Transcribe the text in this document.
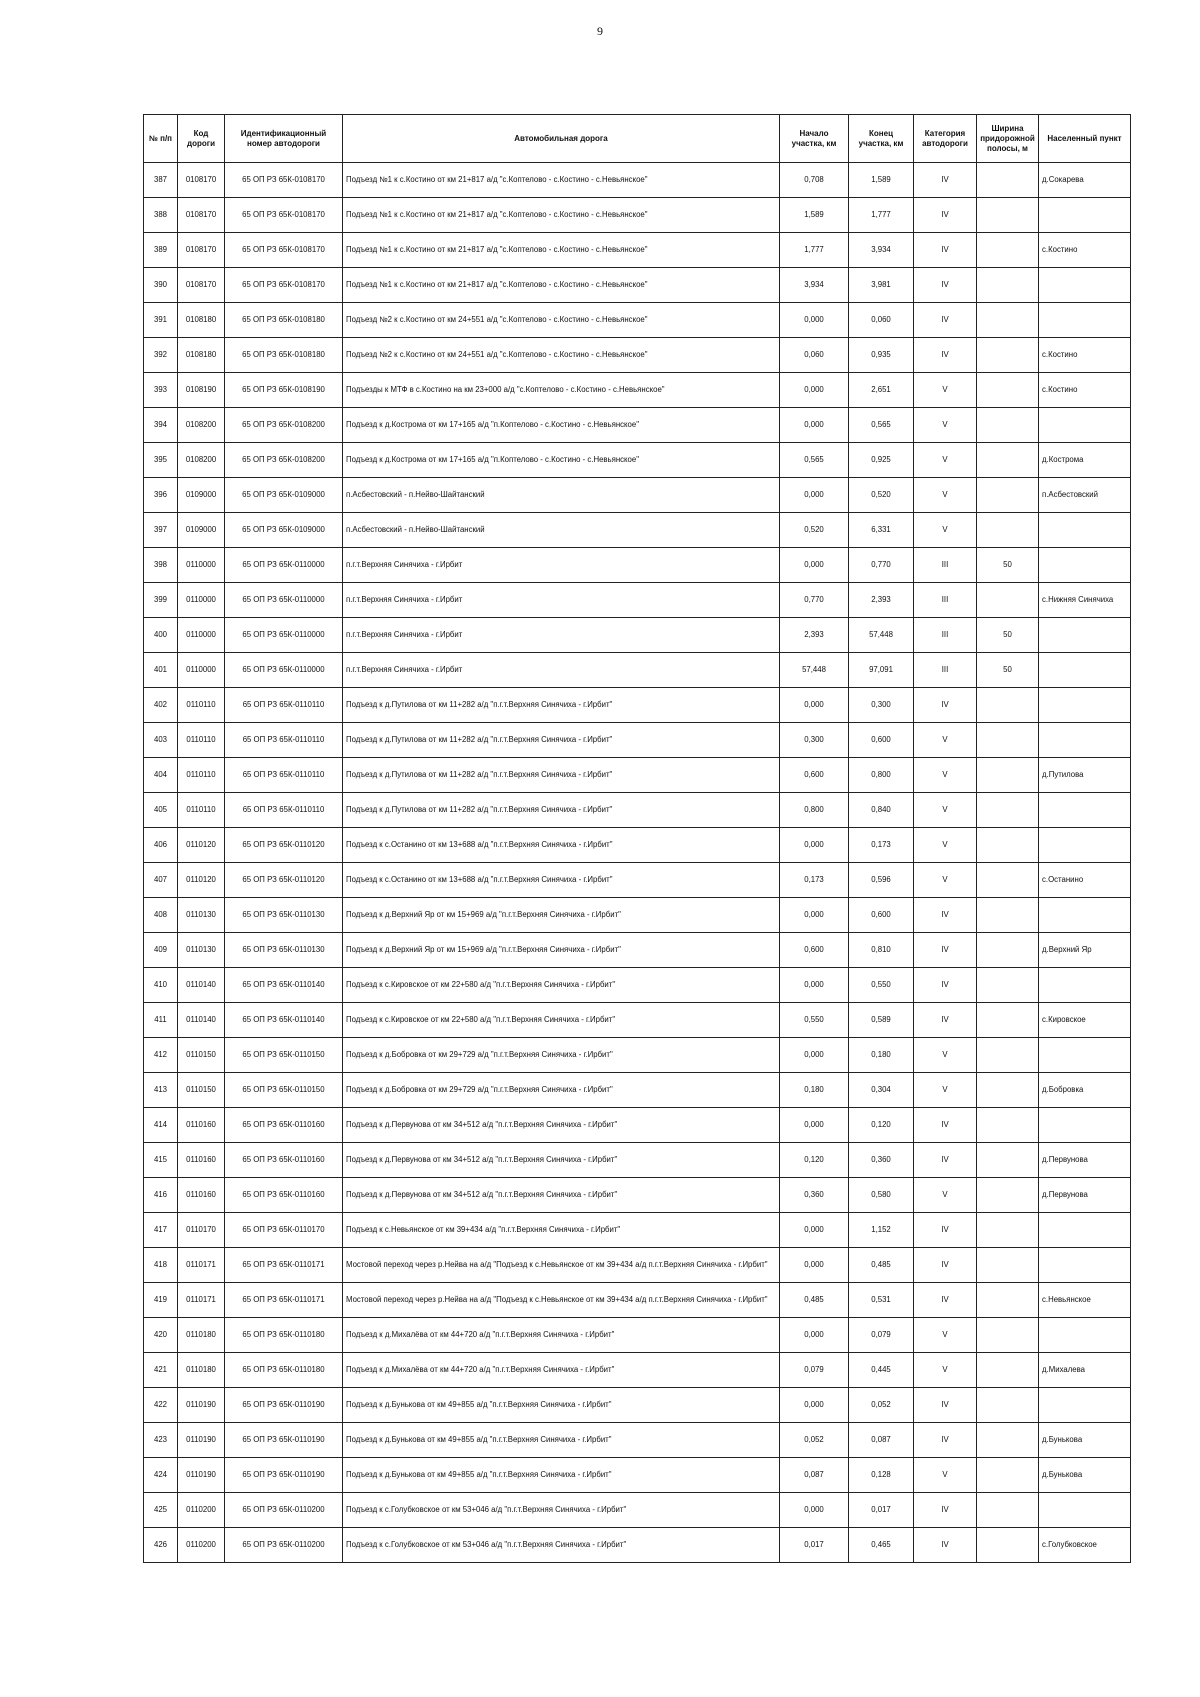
9
№ п/п	Код дороги	Идентификационный номер автодороги	Автомобильная дорога	Начало участка, км	Конец участка, км	Категория автодороги	Ширина придорожной полосы, м	Населенный пункт
387	0108170	65 ОП РЗ 65К-0108170	Подъезд №1 к с.Костино от км 21+817 а/д "с.Коптелово - с.Костино - с.Невьянское"	0,708	1,589	IV		д.Сокарева
388	0108170	65 ОП РЗ 65К-0108170	Подъезд №1 к с.Костино от км 21+817 а/д "с.Коптелово - с.Костино - с.Невьянское"	1,589	1,777	IV		
389	0108170	65 ОП РЗ 65К-0108170	Подъезд №1 к с.Костино от км 21+817 а/д "с.Коптелово - с.Костино - с.Невьянское"	1,777	3,934	IV		с.Костино
390	0108170	65 ОП РЗ 65К-0108170	Подъезд №1 к с.Костино от км 21+817 а/д "с.Коптелово - с.Костино - с.Невьянское"	3,934	3,981	IV		
391	0108180	65 ОП РЗ 65К-0108180	Подъезд №2 к с.Костино от км 24+551 а/д "с.Коптелово - с.Костино - с.Невьянское"	0,000	0,060	IV		
392	0108180	65 ОП РЗ 65К-0108180	Подъезд №2 к с.Костино от км 24+551 а/д "с.Коптелово - с.Костино - с.Невьянское"	0,060	0,935	IV		с.Костино
393	0108190	65 ОП РЗ 65К-0108190	Подъезды к МТФ в с.Костино на км 23+000 а/д "с.Коптелово - с.Костино - с.Невьянское"	0,000	2,651	V		с.Костино
394	0108200	65 ОП РЗ 65К-0108200	Подъезд к д.Кострома от км 17+165 а/д "п.Коптелово - с.Костино - с.Невьянское"	0,000	0,565	V		
395	0108200	65 ОП РЗ 65К-0108200	Подъезд к д.Кострома от км 17+165 а/д "п.Коптелово - с.Костино - с.Невьянское"	0,565	0,925	V		д.Кострома
396	0109000	65 ОП РЗ 65К-0109000	п.Асбестовский - п.Нейво-Шайтанский	0,000	0,520	V		п.Асбестовский
397	0109000	65 ОП РЗ 65К-0109000	п.Асбестовский - п.Нейво-Шайтанский	0,520	6,331	V		
398	0110000	65 ОП РЗ 65К-0110000	п.г.т.Верхняя Синячиха - г.Ирбит	0,000	0,770	III	50	
399	0110000	65 ОП РЗ 65К-0110000	п.г.т.Верхняя Синячиха - г.Ирбит	0,770	2,393	III		с.Нижняя Синячиха
400	0110000	65 ОП РЗ 65К-0110000	п.г.т.Верхняя Синячиха - г.Ирбит	2,393	57,448	III	50	
401	0110000	65 ОП РЗ 65К-0110000	п.г.т.Верхняя Синячиха - г.Ирбит	57,448	97,091	III	50	
402	0110110	65 ОП РЗ 65К-0110110	Подъезд к д.Путилова от км 11+282 а/д "п.г.т.Верхняя Синячиха - г.Ирбит"	0,000	0,300	IV		
403	0110110	65 ОП РЗ 65К-0110110	Подъезд к д.Путилова от км 11+282 а/д "п.г.т.Верхняя Синячиха - г.Ирбит"	0,300	0,600	V		
404	0110110	65 ОП РЗ 65К-0110110	Подъезд к д.Путилова от км 11+282 а/д "п.г.т.Верхняя Синячиха - г.Ирбит"	0,600	0,800	V		д.Путилова
405	0110110	65 ОП РЗ 65К-0110110	Подъезд к д.Путилова от км 11+282 а/д "п.г.т.Верхняя Синячиха - г.Ирбит"	0,800	0,840	V		
406	0110120	65 ОП РЗ 65К-0110120	Подъезд к с.Останино от км 13+688 а/д "п.г.т.Верхняя Синячиха - г.Ирбит"	0,000	0,173	V		
407	0110120	65 ОП РЗ 65К-0110120	Подъезд к с.Останино от км 13+688 а/д "п.г.т.Верхняя Синячиха - г.Ирбит"	0,173	0,596	V		с.Останино
408	0110130	65 ОП РЗ 65К-0110130	Подъезд к д.Верхний Яр от км 15+969 а/д "п.г.т.Верхняя Синячиха - г.Ирбит"	0,000	0,600	IV		
409	0110130	65 ОП РЗ 65К-0110130	Подъезд к д.Верхний Яр от км 15+969 а/д "п.г.т.Верхняя Синячиха - г.Ирбит"	0,600	0,810	IV		д.Верхний Яр
410	0110140	65 ОП РЗ 65К-0110140	Подъезд к с.Кировское от км 22+580 а/д "п.г.т.Верхняя Синячиха - г.Ирбит"	0,000	0,550	IV		
411	0110140	65 ОП РЗ 65К-0110140	Подъезд к с.Кировское от км 22+580 а/д "п.г.т.Верхняя Синячиха - г.Ирбит"	0,550	0,589	IV		с.Кировское
412	0110150	65 ОП РЗ 65К-0110150	Подъезд к д.Бобровка от км 29+729 а/д "п.г.т.Верхняя Синячиха - г.Ирбит"	0,000	0,180	V		
413	0110150	65 ОП РЗ 65К-0110150	Подъезд к д.Бобровка от км 29+729 а/д "п.г.т.Верхняя Синячиха - г.Ирбит"	0,180	0,304	V		д.Бобровка
414	0110160	65 ОП РЗ 65К-0110160	Подъезд к д.Первунова от км 34+512 а/д "п.г.т.Верхняя Синячиха - г.Ирбит"	0,000	0,120	IV		
415	0110160	65 ОП РЗ 65К-0110160	Подъезд к д.Первунова от км 34+512 а/д "п.г.т.Верхняя Синячиха - г.Ирбит"	0,120	0,360	IV		д.Первунова
416	0110160	65 ОП РЗ 65К-0110160	Подъезд к д.Первунова от км 34+512 а/д "п.г.т.Верхняя Синячиха - г.Ирбит"	0,360	0,580	V		д.Первунова
417	0110170	65 ОП РЗ 65К-0110170	Подъезд к с.Невьянское от км 39+434 а/д "п.г.т.Верхняя Синячиха - г.Ирбит"	0,000	1,152	IV		
418	0110171	65 ОП РЗ 65К-0110171	Мостовой переход через р.Нейва на а/д "Подъезд к с.Невьянское от км 39+434 а/д п.г.т.Верхняя Синячиха - г.Ирбит"	0,000	0,485	IV		
419	0110171	65 ОП РЗ 65К-0110171	Мостовой переход через р.Нейва на а/д "Подъезд к с.Невьянское от км 39+434 а/д п.г.т.Верхняя Синячиха - г.Ирбит"	0,485	0,531	IV		с.Невьянское
420	0110180	65 ОП РЗ 65К-0110180	Подъезд к д.Михалёва от км 44+720 а/д "п.г.т.Верхняя Синячиха - г.Ирбит"	0,000	0,079	V		
421	0110180	65 ОП РЗ 65К-0110180	Подъезд к д.Михалёва от км 44+720 а/д "п.г.т.Верхняя Синячиха - г.Ирбит"	0,079	0,445	V		д.Михалева
422	0110190	65 ОП РЗ 65К-0110190	Подъезд к д.Бунькова от км 49+855 а/д "п.г.т.Верхняя Синячиха - г.Ирбит"	0,000	0,052	IV		
423	0110190	65 ОП РЗ 65К-0110190	Подъезд к д.Бунькова от км 49+855 а/д "п.г.т.Верхняя Синячиха - г.Ирбит"	0,052	0,087	IV		д.Бунькова
424	0110190	65 ОП РЗ 65К-0110190	Подъезд к д.Бунькова от км 49+855 а/д "п.г.т.Верхняя Синячиха - г.Ирбит"	0,087	0,128	V		д.Бунькова
425	0110200	65 ОП РЗ 65К-0110200	Подъезд к с.Голубковское от км 53+046 а/д "п.г.т.Верхняя Синячиха - г.Ирбит"	0,000	0,017	IV		
426	0110200	65 ОП РЗ 65К-0110200	Подъезд к с.Голубковское от км 53+046 а/д "п.г.т.Верхняя Синячиха - г.Ирбит"	0,017	0,465	IV		с.Голубковское
